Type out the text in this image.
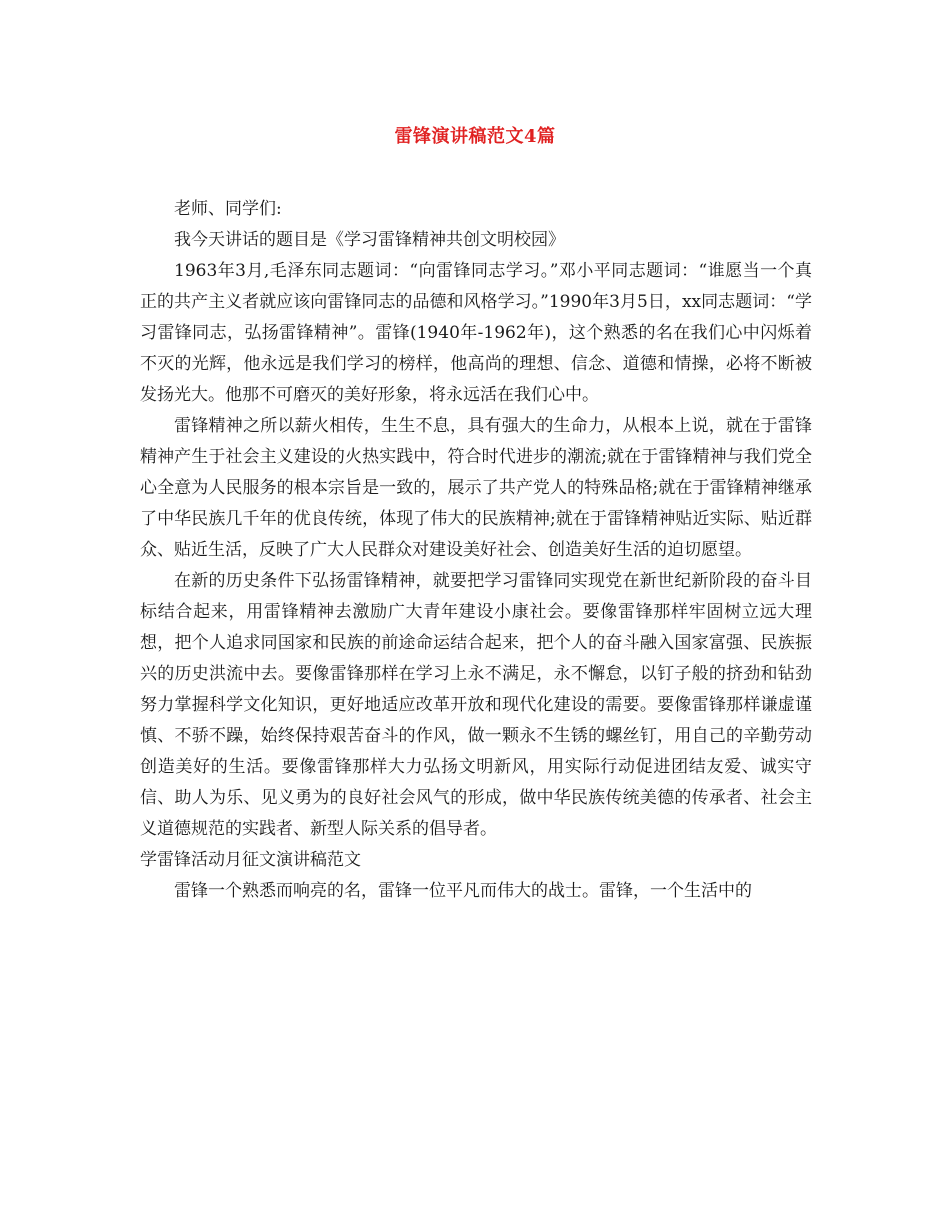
雷锋演讲稿范文4篇

老师、同学们:

我今天讲话的题目是《学习雷锋精神共创文明校园》

1963年3月,毛泽东同志题词：“向雷锋同志学习。”邓小平同志题词：“谁愿当一个真正的共产主义者就应该向雷锋同志的品德和风格学习。”1990年3月5日，xx同志题词：“学习雷锋同志，弘扬雷锋精神”。雷锋(1940年-1962年)，这个熟悉的名在我们心中闪烁着不灭的光辉，他永远是我们学习的榜样，他高尚的理想、信念、道德和情操，必将不断被发扬光大。他那不可磨灭的美好形象，将永远活在我们心中。

雷锋精神之所以薪火相传，生生不息，具有强大的生命力，从根本上说，就在于雷锋精神产生于社会主义建设的火热实践中，符合时代进步的潮流;就在于雷锋精神与我们党全心全意为人民服务的根本宗旨是一致的，展示了共产党人的特殊品格;就在于雷锋精神继承了中华民族几千年的优良传统，体现了伟大的民族精神;就在于雷锋精神贴近实际、贴近群众、贴近生活，反映了广大人民群众对建设美好社会、创造美好生活的迫切愿望。

在新的历史条件下弘扬雷锋精神，就要把学习雷锋同实现党在新世纪新阶段的奋斗目标结合起来，用雷锋精神去激励广大青年建设小康社会。要像雷锋那样牢固树立远大理想，把个人追求同国家和民族的前途命运结合起来，把个人的奋斗融入国家富强、民族振兴的历史洪流中去。要像雷锋那样在学习上永不满足，永不懈怠，以钉子般的挤劲和钻劲努力掌握科学文化知识，更好地适应改革开放和现代化建设的需要。要像雷锋那样谦虚谨慎、不骄不躁，始终保持艰苦奋斗的作风，做一颗永不生锈的螺丝钉，用自己的辛勤劳动创造美好的生活。要像雷锋那样大力弘扬文明新风，用实际行动促进团结友爱、诚实守信、助人为乐、见义勇为的良好社会风气的形成，做中华民族传统美德的传承者、社会主义道德规范的实践者、新型人际关系的倡导者。

学雷锋活动月征文演讲稿范文

雷锋一个熟悉而响亮的名，雷锋一位平凡而伟大的战士。雷锋，一个生活中的
